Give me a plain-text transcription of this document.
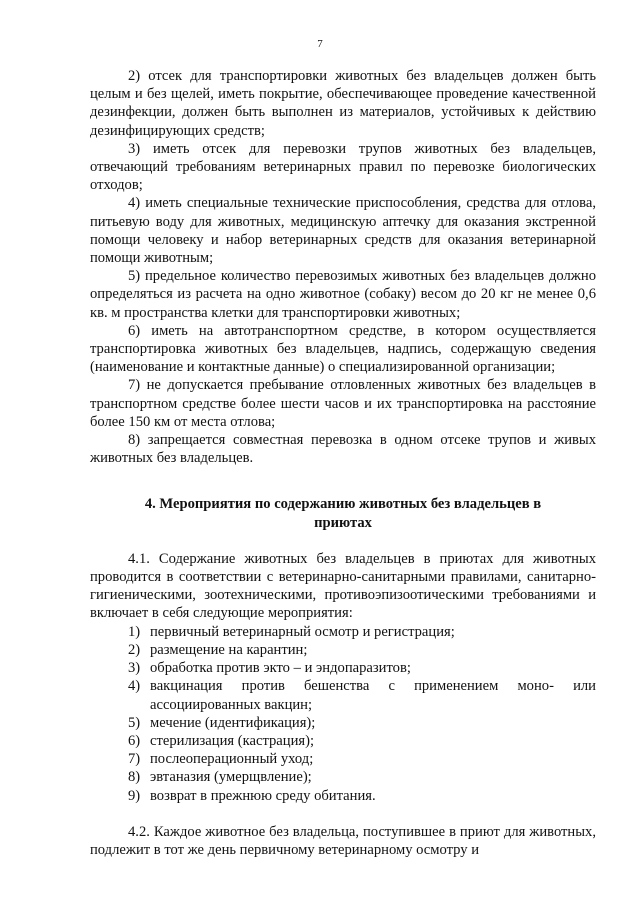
7

2) отсек для транспортировки животных без владельцев должен быть целым и без щелей, иметь покрытие, обеспечивающее проведение качественной дезинфекции, должен быть выполнен из материалов, устойчивых к действию дезинфицирующих средств;

3) иметь отсек для перевозки трупов животных без владельцев, отвечающий требованиям ветеринарных правил по перевозке биологических отходов;

4) иметь специальные технические приспособления, средства для отлова, питьевую воду для животных, медицинскую аптечку для оказания экстренной помощи человеку и набор ветеринарных средств для оказания ветеринарной помощи животным;

5) предельное количество перевозимых животных без владельцев должно определяться из расчета на одно животное (собаку) весом до 20 кг не менее 0,6 кв. м пространства клетки для транспортировки животных;

6) иметь на автотранспортном средстве, в котором осуществляется транспортировка животных без владельцев, надпись, содержащую сведения (наименование и контактные данные) о специализированной организации;

7) не допускается пребывание отловленных животных без владельцев в транспортном средстве более шести часов и их транспортировка на расстояние более 150 км от места отлова;

8) запрещается совместная перевозка в одном отсеке трупов и живых животных без владельцев.

4. Мероприятия по содержанию животных без владельцев в приютах

4.1. Содержание животных без владельцев в приютах для животных проводится в соответствии с ветеринарно-санитарными правилами, санитарно-гигиеническими, зоотехническими, противоэпизоотическими требованиями и включает в себя следующие мероприятия:

1) первичный ветеринарный осмотр и регистрация;
2) размещение на карантин;
3) обработка против экто – и эндопаразитов;
4) вакцинация против бешенства с применением моно- или ассоциированных вакцин;
5) мечение (идентификация);
6) стерилизация (кастрация);
7) послеоперационный уход;
8) эвтаназия (умерщвление);
9) возврат в прежнюю среду обитания.

4.2. Каждое животное без владельца, поступившее в приют для животных, подлежит в тот же день первичному ветеринарному осмотру и
